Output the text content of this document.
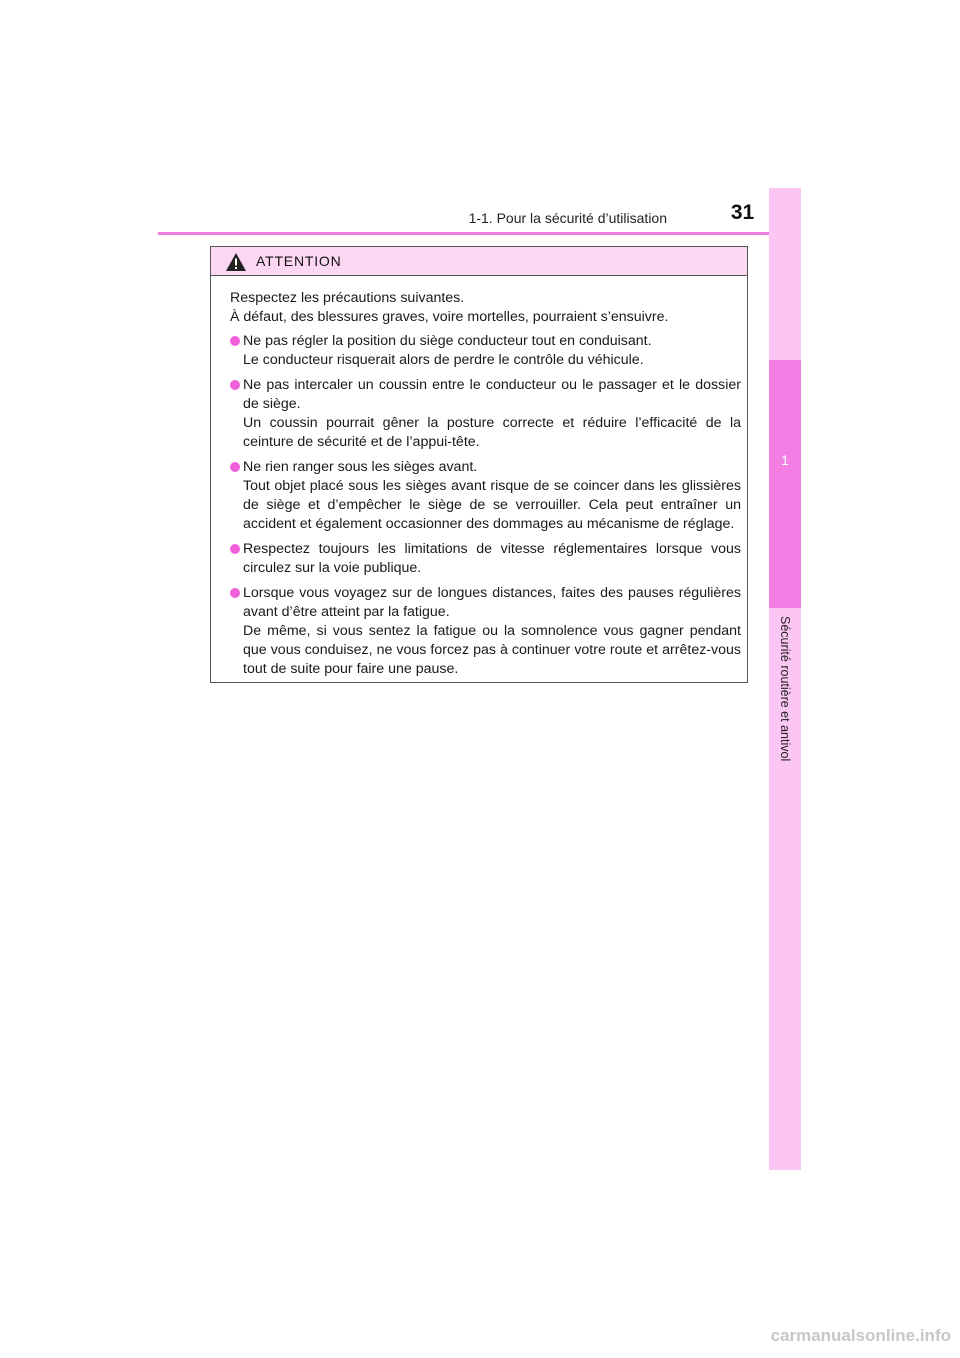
1-1. Pour la sécurité d’utilisation	31
1
Sécurité routière et antivol
ATTENTION

Respectez les précautions suivantes.
À défaut, des blessures graves, voire mortelles, pourraient s’ensuivre.

Ne pas régler la position du siège conducteur tout en conduisant.
Le conducteur risquerait alors de perdre le contrôle du véhicule.
Ne pas intercaler un coussin entre le conducteur ou le passager et le dossier de siège.
Un coussin pourrait gêner la posture correcte et réduire l’efficacité de la ceinture de sécurité et de l’appui-tête.
Ne rien ranger sous les sièges avant.
Tout objet placé sous les sièges avant risque de se coincer dans les glissières de siège et d’empêcher le siège de se verrouiller. Cela peut entraîner un accident et également occasionner des dommages au mécanisme de réglage.
Respectez toujours les limitations de vitesse réglementaires lorsque vous circulez sur la voie publique.
Lorsque vous voyagez sur de longues distances, faites des pauses régulières avant d’être atteint par la fatigue.
De même, si vous sentez la fatigue ou la somnolence vous gagner pendant que vous conduisez, ne vous forcez pas à continuer votre route et arrêtez-vous tout de suite pour faire une pause.
carmanualsonline.info
